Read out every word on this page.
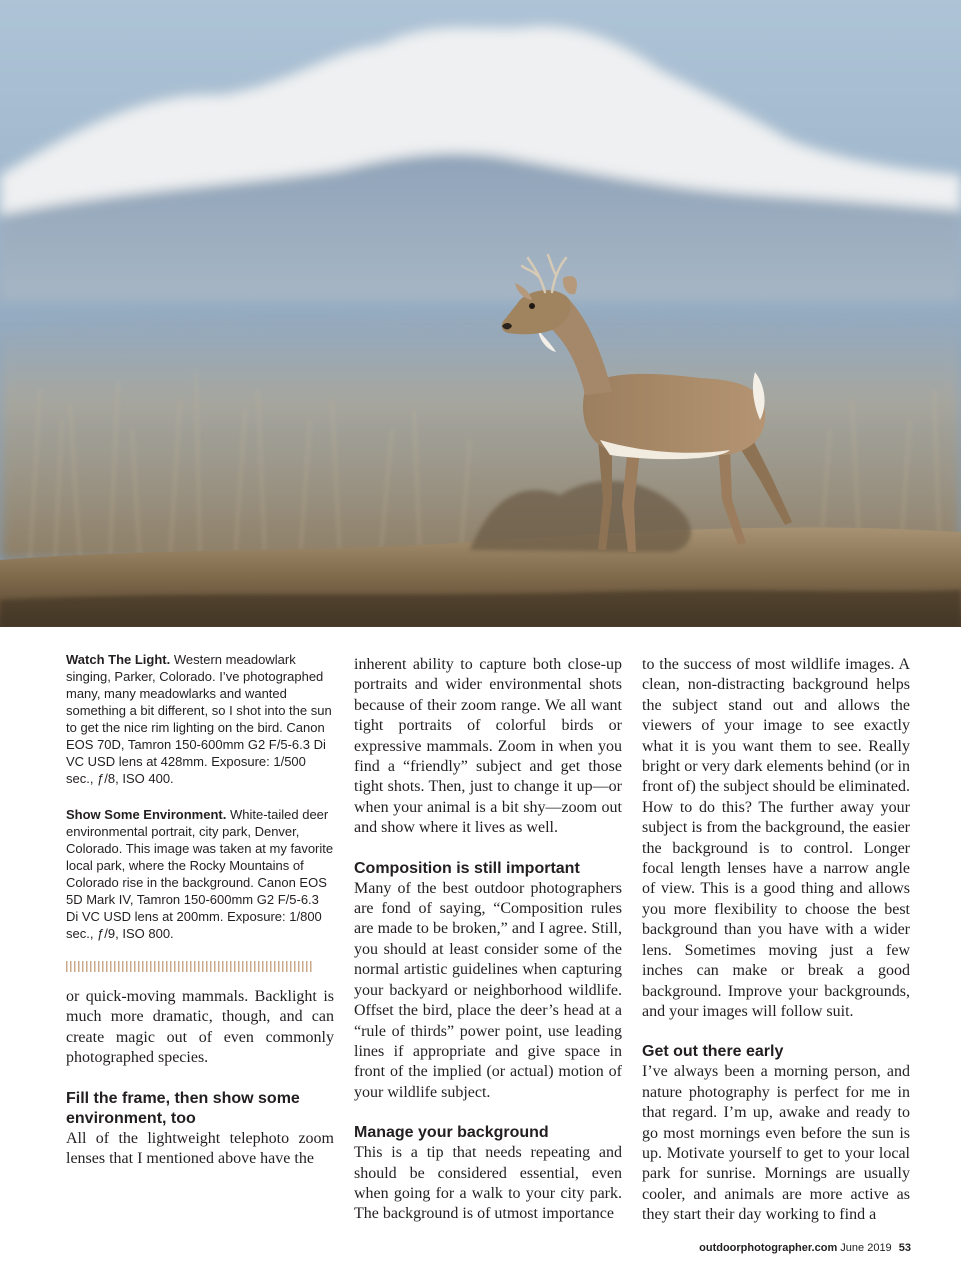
Watch The Light. Western meadowlark singing, Parker, Colorado. I’ve photographed many, many meadowlarks and wanted something a bit different, so I shot into the sun to get the nice rim lighting on the bird. Canon EOS 70D, Tamron 150-600mm G2 F/5-6.3 Di VC USD lens at 428mm. Exposure: 1/500 sec., ƒ/8, ISO 400.

Show Some Environment. White-tailed deer environmental portrait, city park, Denver, Colorado. This image was taken at my favorite local park, where the Rocky Mountains of Colorado rise in the background. Canon EOS 5D Mark IV, Tamron 150-600mm G2 F/5-6.3 Di VC USD lens at 200mm. Exposure: 1/800 sec., ƒ/9, ISO 800.

or quick-moving mammals. Backlight is much more dramatic, though, and can create magic out of even commonly photographed species.

Fill the frame, then show some environment, too

All of the lightweight telephoto zoom lenses that I mentioned above have the

inherent ability to capture both close-up portraits and wider environmental shots because of their zoom range. We all want tight portraits of colorful birds or expressive mammals. Zoom in when you find a “friendly” subject and get those tight shots. Then, just to change it up—or when your animal is a bit shy—zoom out and show where it lives as well.

Composition is still important

Many of the best outdoor photographers are fond of saying, “Composition rules are made to be broken,” and I agree. Still, you should at least consider some of the normal artistic guidelines when capturing your backyard or neighborhood wildlife. Offset the bird, place the deer’s head at a “rule of thirds” power point, use leading lines if appropriate and give space in front of the implied (or actual) motion of your wildlife subject.

Manage your background

This is a tip that needs repeating and should be considered essential, even when going for a walk to your city park. The background is of utmost importance

to the success of most wildlife images. A clean, non-distracting background helps the subject stand out and allows the viewers of your image to see exactly what it is you want them to see. Really bright or very dark elements behind (or in front of) the subject should be eliminated. How to do this? The further away your subject is from the background, the easier the background is to control. Longer focal length lenses have a narrow angle of view. This is a good thing and allows you more flexibility to choose the best background than you have with a wider lens. Sometimes moving just a few inches can make or break a good background. Improve your backgrounds, and your images will follow suit.

Get out there early

I’ve always been a morning person, and nature photography is perfect for me in that regard. I’m up, awake and ready to go most mornings even before the sun is up. Motivate yourself to get to your local park for sunrise. Mornings are usually cooler, and animals are more active as they start their day working to find a

outdoorphotographer.com June 2019 53
